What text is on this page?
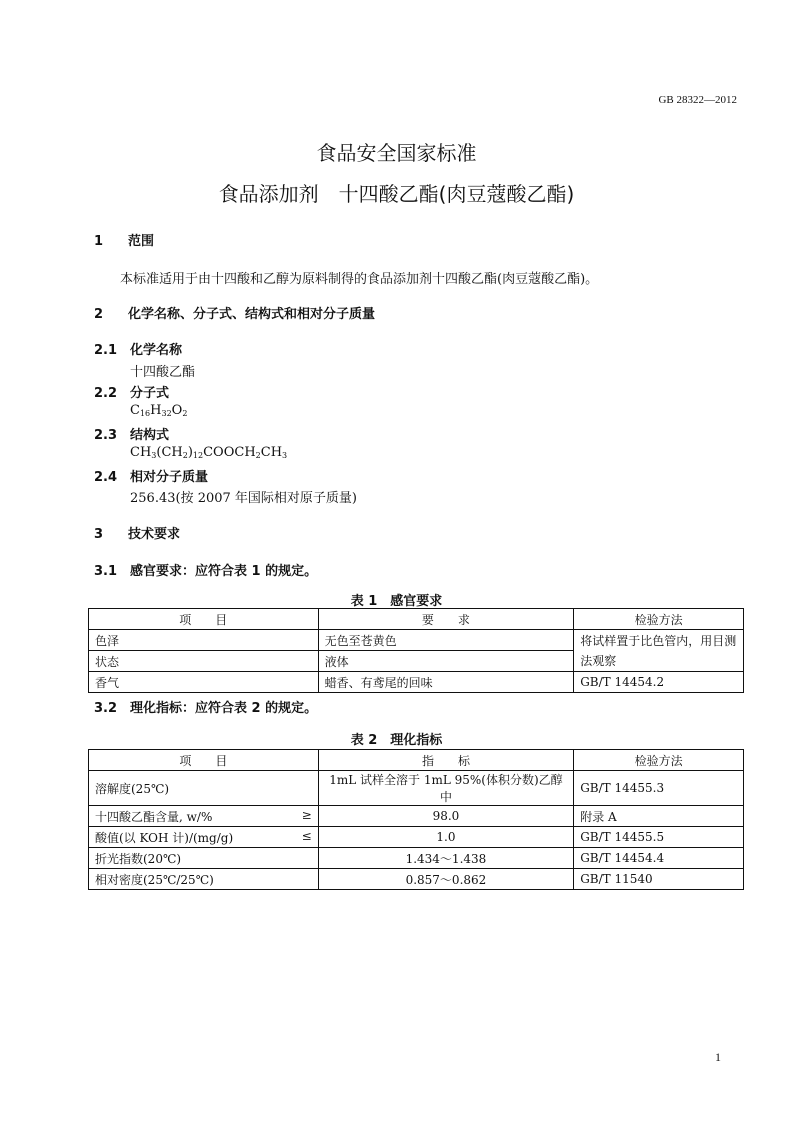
GB 28322—2012
食品安全国家标准
食品添加剂　十四酸乙酯(肉豆蔻酸乙酯)
1 范围
本标准适用于由十四酸和乙醇为原料制得的食品添加剂十四酸乙酯(肉豆蔻酸乙酯)。
2 化学名称、分子式、结构式和相对分子质量
2.1 化学名称
十四酸乙酯
2.2 分子式
$C_{16}H_{32}O_2$
2.3 结构式
$CH_3(CH_2)_{12}COOCH_2CH_3$
2.4 相对分子质量
256.43(按 2007 年国际相对原子质量)
3 技术要求
3.1 感官要求：应符合表 1 的规定。
表 1　感官要求
项　　目	要　　求	检验方法
色泽	无色至苍黄色	将试样置于比色管内，用目测法观察
状态	液体	
香气	蜡香、有鸢尾的回味	GB/T 14454.2
3.2 理化指标：应符合表 2 的规定。
表 2　理化指标
项　　目	指　　标	检验方法
溶解度(25℃)	1mL 试样全溶于 1mL 95%(体积分数)乙醇中	GB/T 14455.3
十四酸乙酯含量, w/% ≥	98.0	附录 A
酸值(以 KOH 计)/(mg/g) ≤	1.0	GB/T 14455.5
折光指数(20℃)	1.434～1.438	GB/T 14454.4
相对密度(25℃/25℃)	0.857～0.862	GB/T 11540
1
